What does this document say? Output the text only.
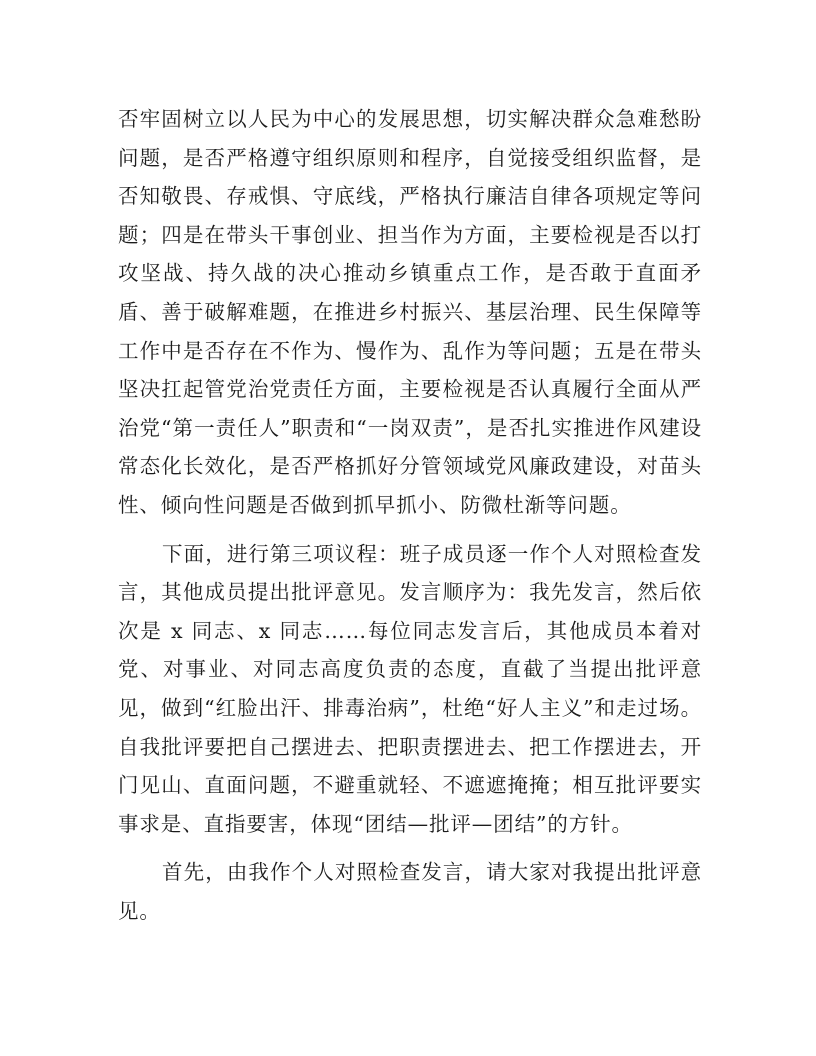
否牢固树立以人民为中心的发展思想，切实解决群众急难愁盼问题，是否严格遵守组织原则和程序，自觉接受组织监督，是否知敬畏、存戒惧、守底线，严格执行廉洁自律各项规定等问题；四是在带头干事创业、担当作为方面，主要检视是否以打攻坚战、持久战的决心推动乡镇重点工作，是否敢于直面矛盾、善于破解难题，在推进乡村振兴、基层治理、民生保障等工作中是否存在不作为、慢作为、乱作为等问题；五是在带头坚决扛起管党治党责任方面，主要检视是否认真履行全面从严治党“第一责任人”职责和“一岗双责”，是否扎实推进作风建设常态化长效化，是否严格抓好分管领域党风廉政建设，对苗头性、倾向性问题是否做到抓早抓小、防微杜渐等问题。

下面，进行第三项议程：班子成员逐一作个人对照检查发言，其他成员提出批评意见。发言顺序为：我先发言，然后依次是 x 同志、x 同志……每位同志发言后，其他成员本着对党、对事业、对同志高度负责的态度，直截了当提出批评意见，做到“红脸出汗、排毒治病”，杜绝“好人主义”和走过场。自我批评要把自己摆进去、把职责摆进去、把工作摆进去，开门见山、直面问题，不避重就轻、不遮遮掩掩；相互批评要实事求是、直指要害，体现“团结—批评—团结”的方针。

首先，由我作个人对照检查发言，请大家对我提出批评意见。
